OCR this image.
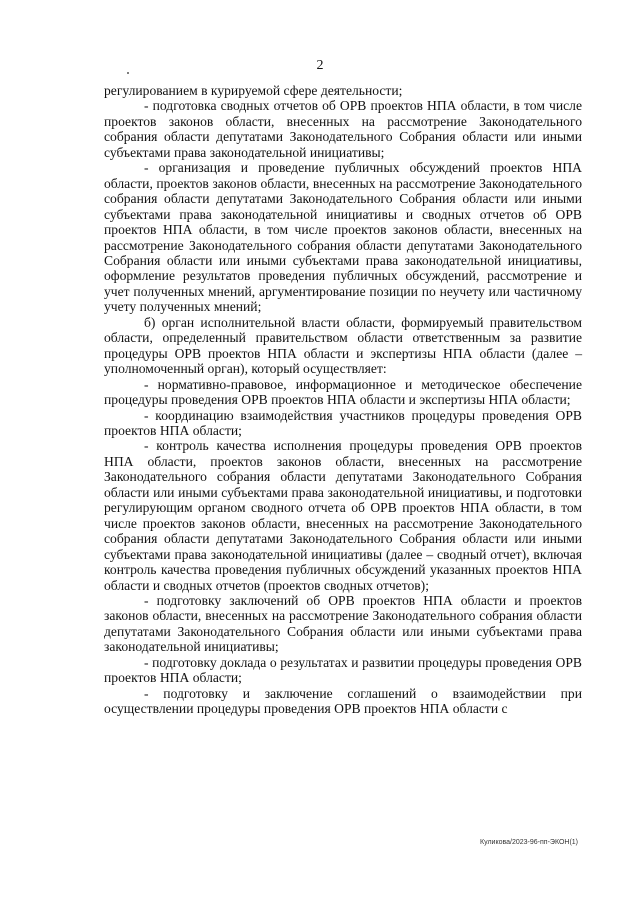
2

регулированием в курируемой сфере деятельности;

- подготовка сводных отчетов об ОРВ проектов НПА области, в том числе проектов законов области, внесенных на рассмотрение Законодательного собрания области депутатами Законодательного Собрания области или иными субъектами права законодательной инициативы;

- организация и проведение публичных обсуждений проектов НПА области, проектов законов области, внесенных на рассмотрение Законодательного собрания области депутатами Законодательного Собрания области или иными субъектами права законодательной инициативы и сводных отчетов об ОРВ проектов НПА области, в том числе проектов законов области, внесенных на рассмотрение Законодательного собрания области депутатами Законодательного Собрания области или иными субъектами права законодательной инициативы, оформление результатов проведения публичных обсуждений, рассмотрение и учет полученных мнений, аргументирование позиции по неучету или частичному учету полученных мнений;

б) орган исполнительной власти области, формируемый правительством области, определенный правительством области ответственным за развитие процедуры ОРВ проектов НПА области и экспертизы НПА области (далее – уполномоченный орган), который осуществляет:

- нормативно-правовое, информационное и методическое обеспечение процедуры проведения ОРВ проектов НПА области и экспертизы НПА области;

- координацию взаимодействия участников процедуры проведения ОРВ проектов НПА области;

- контроль качества исполнения процедуры проведения ОРВ проектов НПА области, проектов законов области, внесенных на рассмотрение Законодательного собрания области депутатами Законодательного Собрания области или иными субъектами права законодательной инициативы, и подготовки регулирующим органом сводного отчета об ОРВ проектов НПА области, в том числе проектов законов области, внесенных на рассмотрение Законодательного собрания области депутатами Законодательного Собрания области или иными субъектами права законодательной инициативы (далее – сводный отчет), включая контроль качества проведения публичных обсуждений указанных проектов НПА области и сводных отчетов (проектов сводных отчетов);

- подготовку заключений об ОРВ проектов НПА области и проектов законов области, внесенных на рассмотрение Законодательного собрания области депутатами Законодательного Собрания области или иными субъектами права законодательной инициативы;

- подготовку доклада о результатах и развитии процедуры проведения ОРВ проектов НПА области;

- подготовку и заключение соглашений о взаимодействии при осуществлении процедуры проведения ОРВ проектов НПА области с

Куликова/2023-96-пп-ЭКОН(1)
